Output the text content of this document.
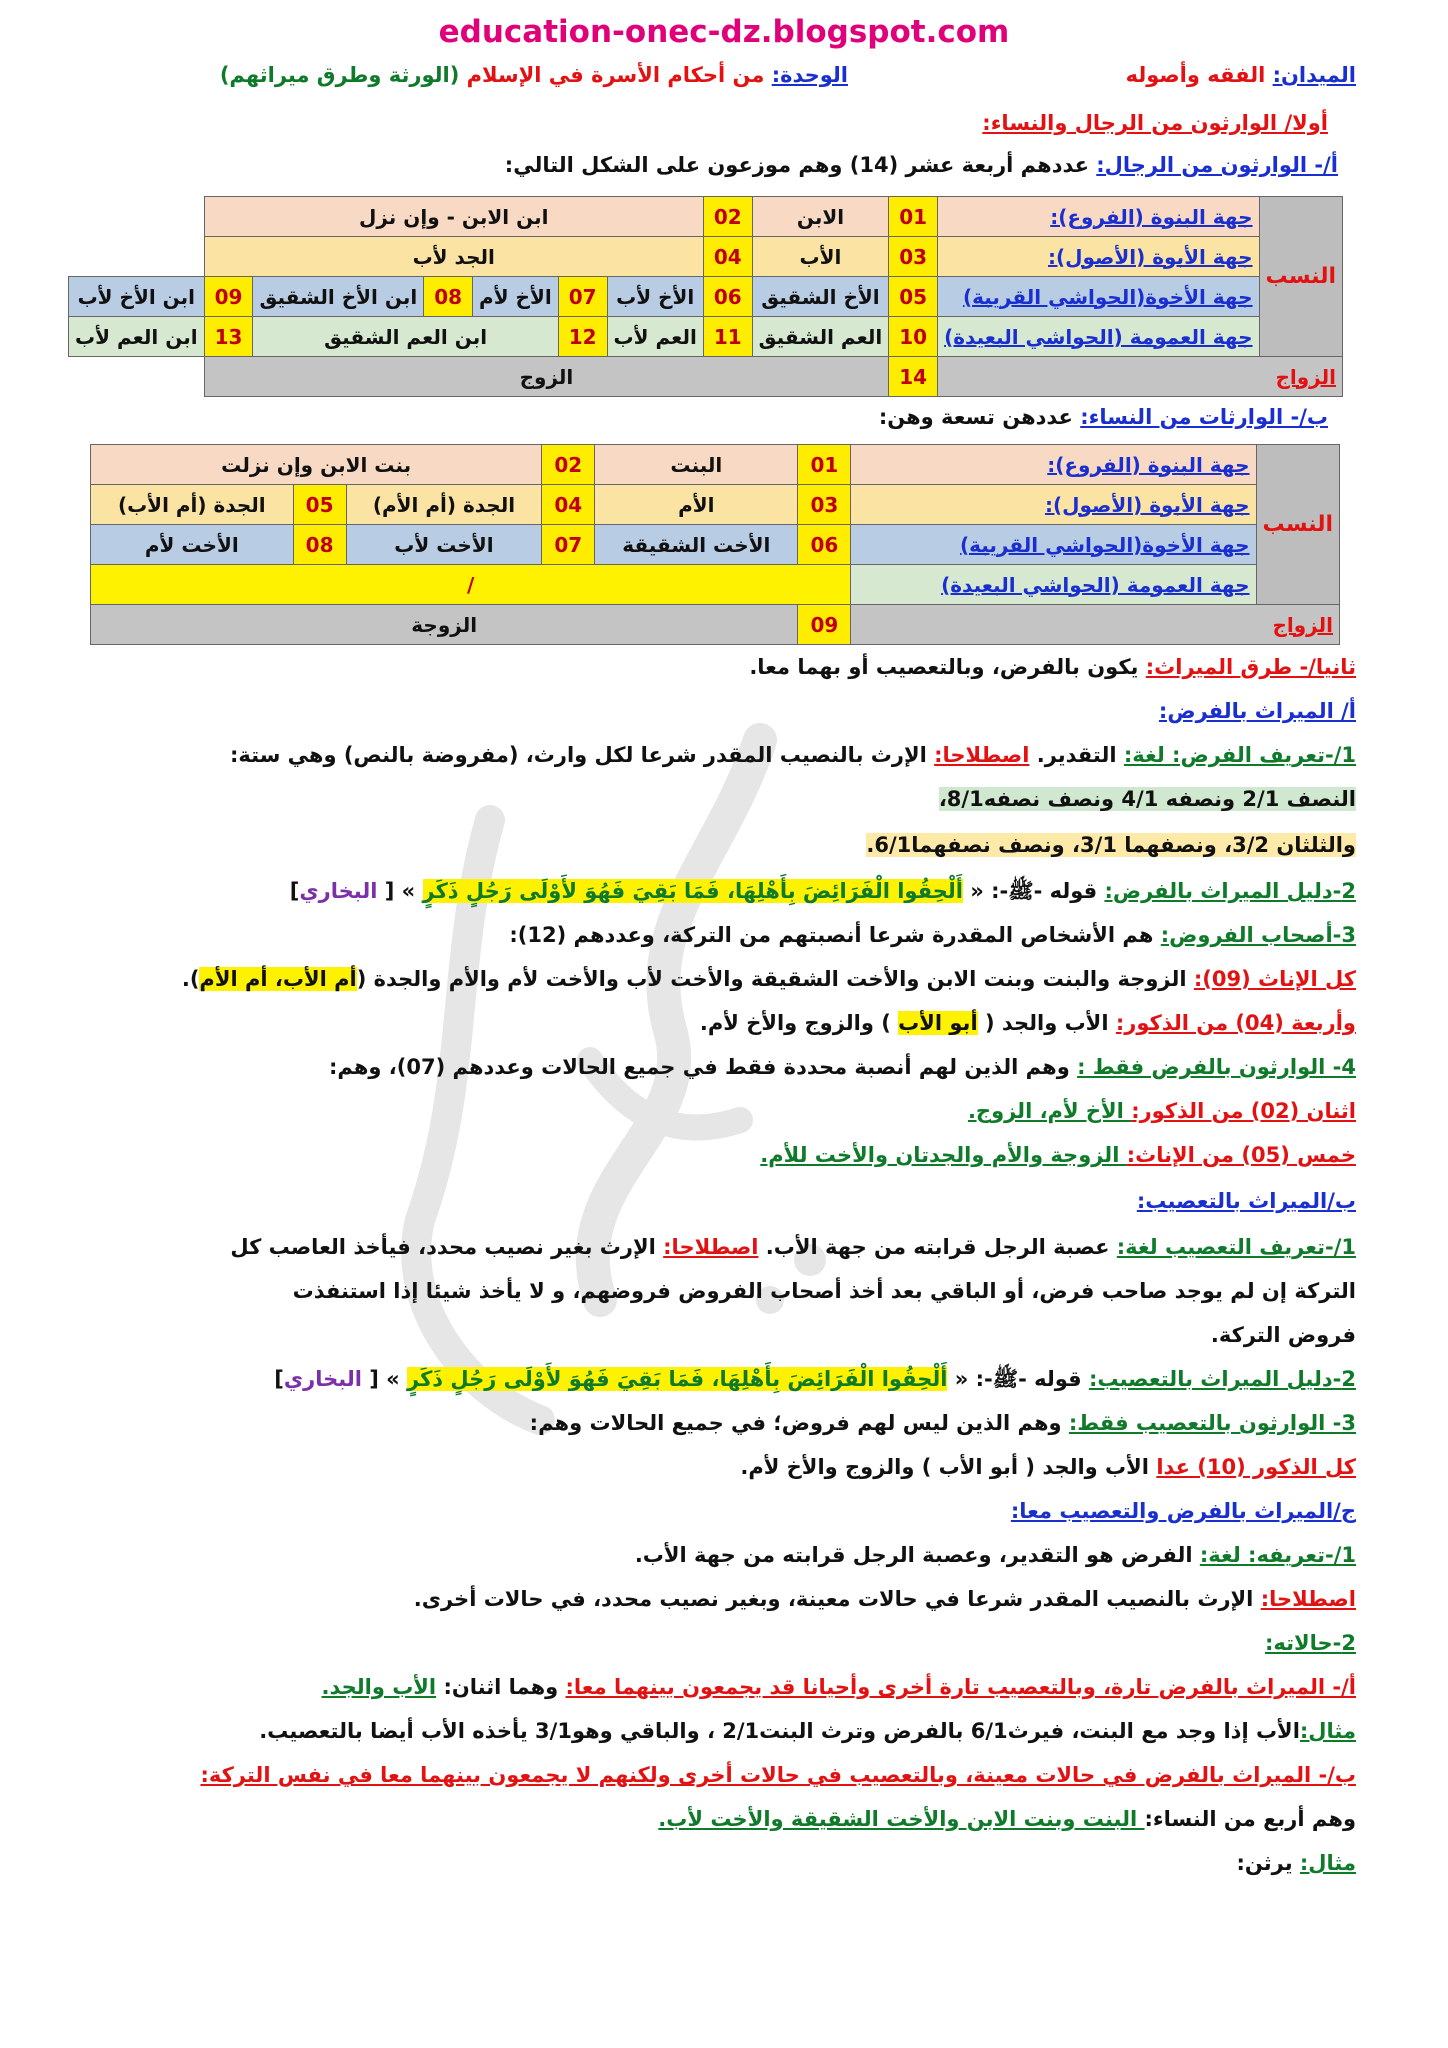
education-onec-dz.blogspot.com
الميدان: الفقه وأصوله
الوحدة: من أحكام الأسرة في الإسلام (الورثة وطرق ميراثهم)
أولا/ الوارثون من الرجال والنساء:
أ/- الوارثون من الرجال: عددهم أربعة عشر (14) وهم موزعون على الشكل التالي:
النسب	جهة البنوة (الفروع):	01	الابن	02	ابن الابن - وإن نزل						
	جهة الأبوة (الأصول):	03	الأب	04	الجد لأب						
	جهة الأخوة(الحواشي القريبة)	05	الأخ الشقيق	06	الأخ لأب	07	الأخ لأم	08	ابن الأخ الشقيق	09	ابن الأخ لأب
	جهة العمومة (الحواشي البعيدة)	10	العم الشقيق	11	العم لأب	12	ابن العم الشقيق			13	ابن العم لأب
الزواج		14	الزوج								
ب/- الوارثات من النساء: عددهن تسعة وهن:
النسب	جهة البنوة (الفروع):	01	البنت	02	بنت الابن وإن نزلت		
	جهة الأبوة (الأصول):	03	الأم	04	الجدة (أم الأم)	05	الجدة (أم الأب)
	جهة الأخوة(الحواشي القريبة)	06	الأخت الشقيقة	07	الأخت لأب	08	الأخت لأم
	جهة العمومة (الحواشي البعيدة)	/					
الزواج		09	الزوجة				
ثانيا/- طرق الميراث: يكون بالفرض، وبالتعصيب أو بهما معا.
أ/ الميراث بالفرض:
1/-تعريف الفرض: لغة: التقدير. اصطلاحا: الإرث بالنصيب المقدر شرعا لكل وارث، (مفروضة بالنص) وهي ستة:
النصف 2/1 ونصفه 4/1 ونصف نصفه8/1،
والثلثان 3/2، ونصفهما 3/1، ونصف نصفهما6/1.
2-دليل الميراث بالفرض: قوله -ﷺ-: « أَلْحِقُوا الْفَرَائِضَ بِأَهْلِهَا، فَمَا بَقِيَ فَهُوَ لأَوْلَى رَجُلٍ ذَكَرٍ » [ البخاري]
3-أصحاب الفروض: هم الأشخاص المقدرة شرعا أنصبتهم من التركة، وعددهم (12):
كل الإناث (09): الزوجة والبنت وبنت الابن والأخت الشقيقة والأخت لأب والأخت لأم والأم والجدة (أم الأب، أم الأم).
وأربعة (04) من الذكور: الأب والجد ( أبو الأب ) والزوج والأخ لأم.
4- الوارثون بالفرض فقط : وهم الذين لهم أنصبة محددة فقط في جميع الحالات وعددهم (07)، وهم:
اثنان (02) من الذكور: الأخ لأم، الزوج.
خمس (05) من الإناث: الزوجة والأم والجدتان والأخت للأم.
ب/الميراث بالتعصيب:
1/-تعريف التعصيب لغة: عصبة الرجل قرابته من جهة الأب. اصطلاحا: الإرث بغير نصيب محدد، فيأخذ العاصب كل
التركة إن لم يوجد صاحب فرض، أو الباقي بعد أخذ أصحاب الفروض فروضهم، و لا يأخذ شيئا إذا استنفذت
فروض التركة.
2-دليل الميراث بالتعصيب: قوله -ﷺ-: « أَلْحِقُوا الْفَرَائِضَ بِأَهْلِهَا، فَمَا بَقِيَ فَهُوَ لأَوْلَى رَجُلٍ ذَكَرٍ » [ البخاري]
3- الوارثون بالتعصيب فقط: وهم الذين ليس لهم فروض؛ في جميع الحالات وهم:
كل الذكور (10) عدا الأب والجد ( أبو الأب ) والزوج والأخ لأم.
ج/الميراث بالفرض والتعصيب معا:
1/-تعريفه: لغة: الفرض هو التقدير، وعصبة الرجل قرابته من جهة الأب.
اصطلاحا: الإرث بالنصيب المقدر شرعا في حالات معينة، وبغير نصيب محدد، في حالات أخرى.
2-حالاته:
أ/- الميراث بالفرض تارة، وبالتعصيب تارة أخرى وأحيانا قد يجمعون بينهما معا: وهما اثنان: الأب والجد.
مثال:الأب إذا وجد مع البنت، فيرث6/1 بالفرض وترث البنت2/1 ، والباقي وهو3/1 يأخذه الأب أيضا بالتعصيب.
ب/- الميراث بالفرض في حالات معينة، وبالتعصيب في حالات أخرى ولكنهم لا يجمعون بينهما معا في نفس التركة:
وهم أربع من النساء: البنت وبنت الابن والأخت الشقيقة والأخت لأب.
مثال: يرثن:
